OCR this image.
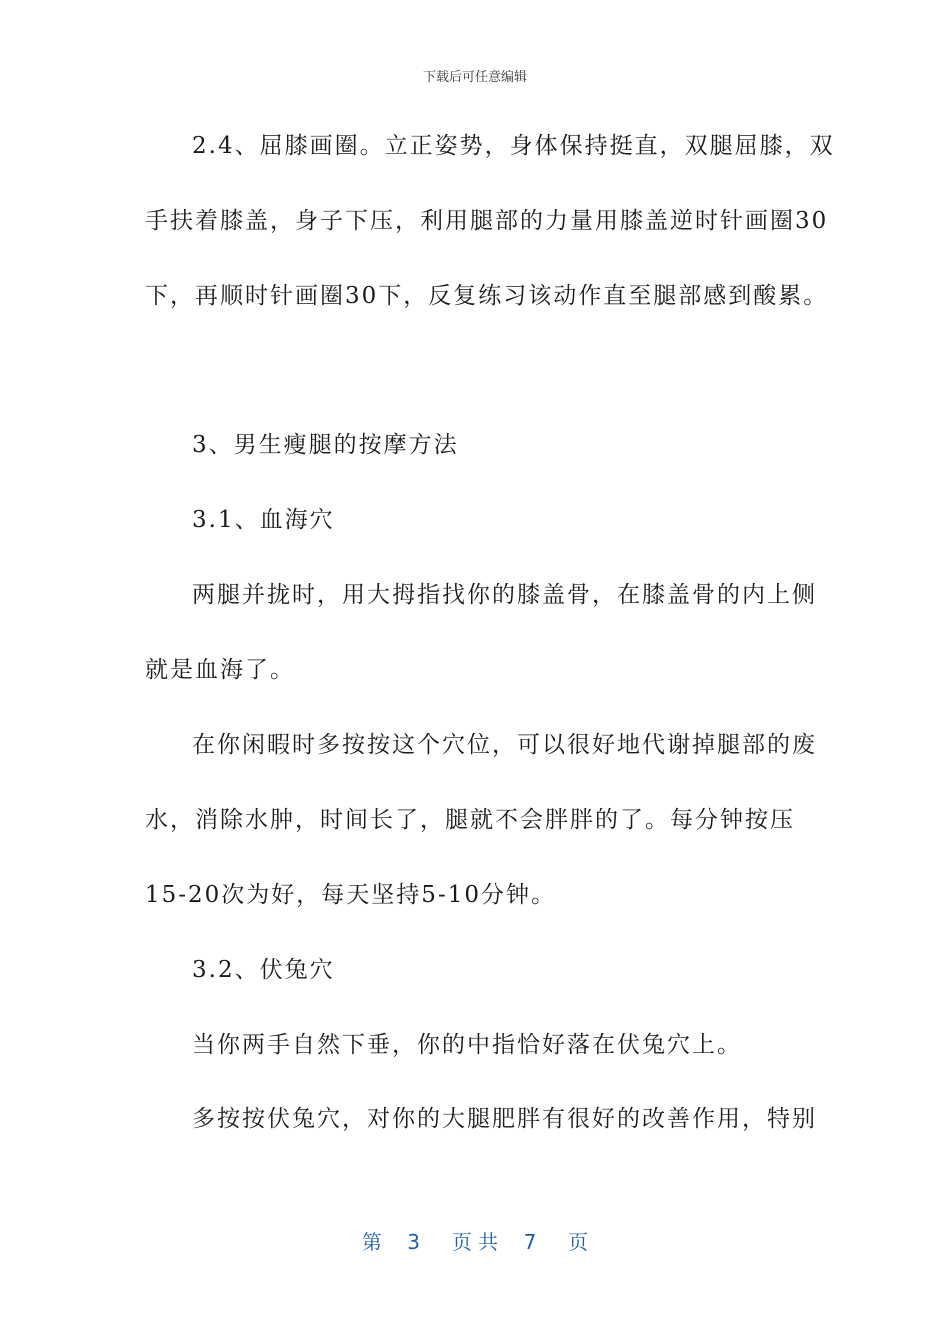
下载后可任意编辑
2.4、屈膝画圈。立正姿势，身体保持挺直，双腿屈膝，双
手扶着膝盖，身子下压，利用腿部的力量用膝盖逆时针画圈30
下，再顺时针画圈30下，反复练习该动作直至腿部感到酸累。
3、男生瘦腿的按摩方法
3.1、血海穴
两腿并拢时，用大拇指找你的膝盖骨，在膝盖骨的内上侧
就是血海了。
在你闲暇时多按按这个穴位，可以很好地代谢掉腿部的废
水，消除水肿，时间长了，腿就不会胖胖的了。每分钟按压
15-20次为好，每天坚持5-10分钟。
3.2、伏兔穴
当你两手自然下垂，你的中指恰好落在伏兔穴上。
多按按伏兔穴，对你的大腿肥胖有很好的改善作用，特别
第 3 页 共 7 页
